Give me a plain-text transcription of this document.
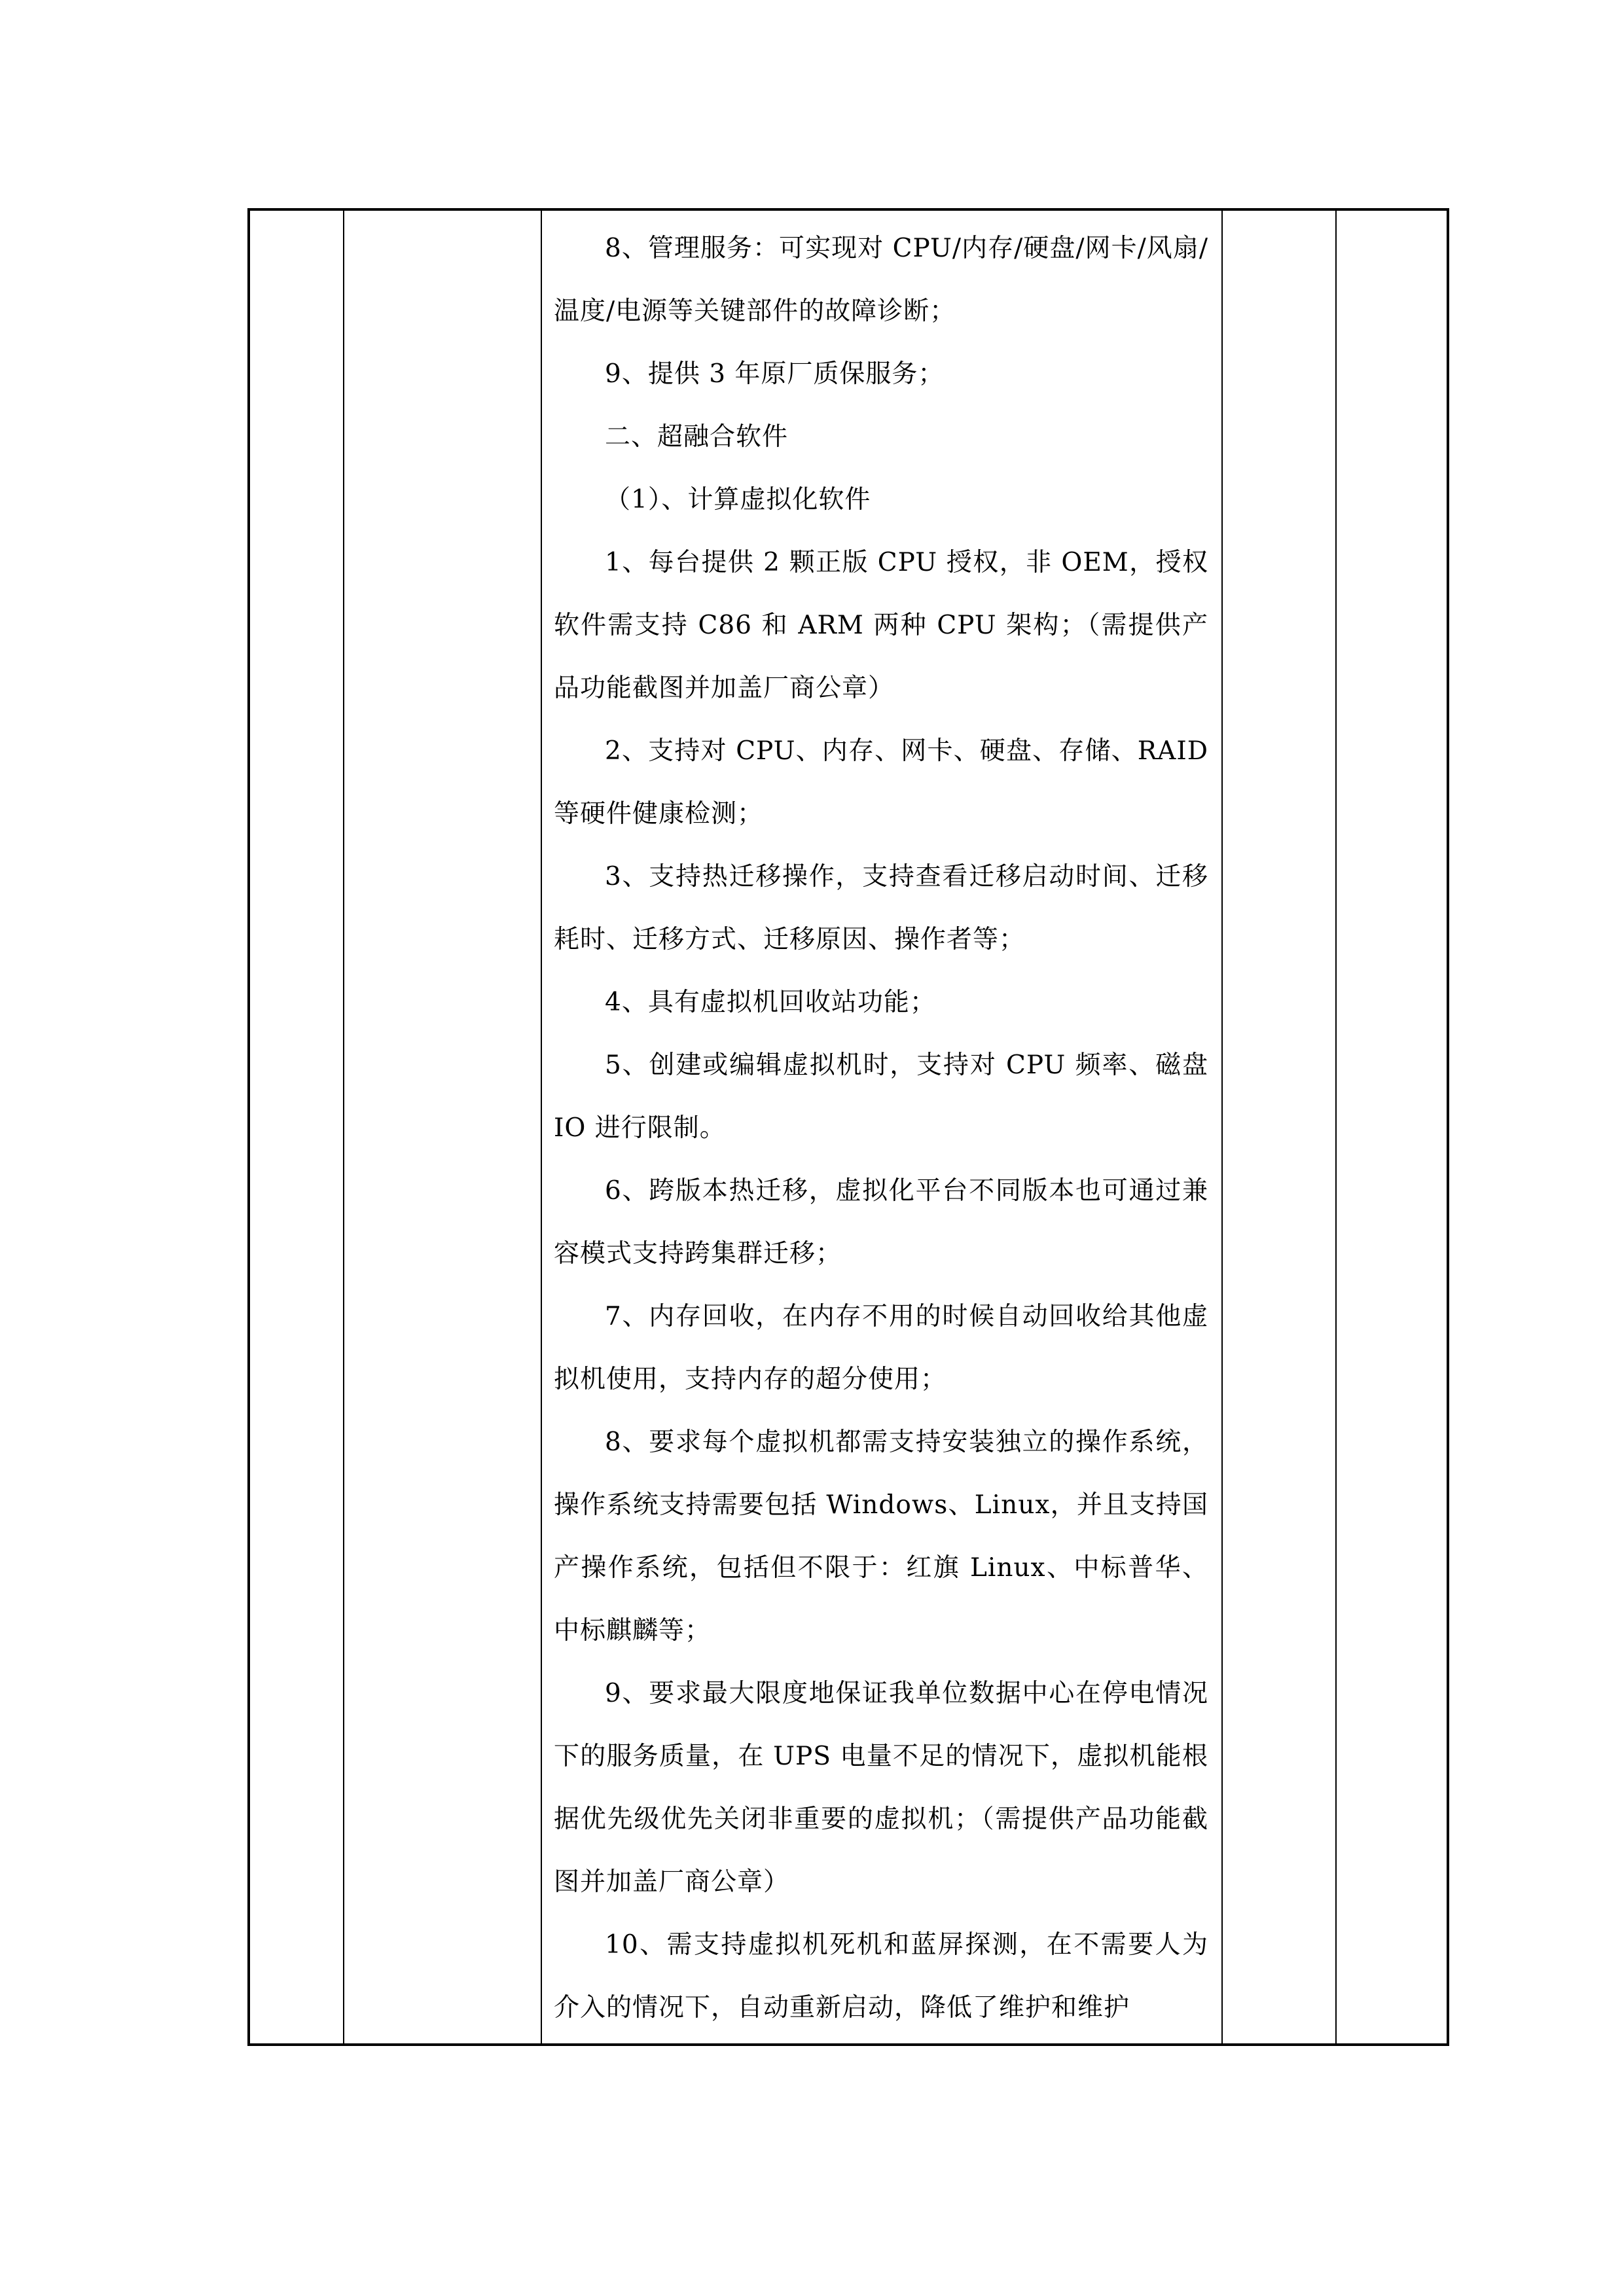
8、管理服务：可实现对 CPU/内存/硬盘/网卡/风扇/温度/电源等关键部件的故障诊断；

9、提供 3 年原厂质保服务；

二、超融合软件

（1）、计算虚拟化软件

1、每台提供 2 颗正版 CPU 授权，非 OEM，授权软件需支持 C86 和 ARM 两种 CPU 架构；（需提供产品功能截图并加盖厂商公章）

2、支持对 CPU、内存、网卡、硬盘、存储、RAID 等硬件健康检测；

3、支持热迁移操作，支持查看迁移启动时间、迁移耗时、迁移方式、迁移原因、操作者等；

4、具有虚拟机回收站功能；

5、创建或编辑虚拟机时，支持对 CPU 频率、磁盘 IO 进行限制。

6、跨版本热迁移，虚拟化平台不同版本也可通过兼容模式支持跨集群迁移；

7、内存回收，在内存不用的时候自动回收给其他虚拟机使用，支持内存的超分使用；

8、要求每个虚拟机都需支持安装独立的操作系统，操作系统支持需要包括 Windows、Linux，并且支持国产操作系统，包括但不限于：红旗 Linux、中标普华、中标麒麟等；

9、要求最大限度地保证我单位数据中心在停电情况下的服务质量，在 UPS 电量不足的情况下，虚拟机能根据优先级优先关闭非重要的虚拟机；（需提供产品功能截图并加盖厂商公章）

10、需支持虚拟机死机和蓝屏探测，在不需要人为介入的情况下，自动重新启动，降低了维护和维护
